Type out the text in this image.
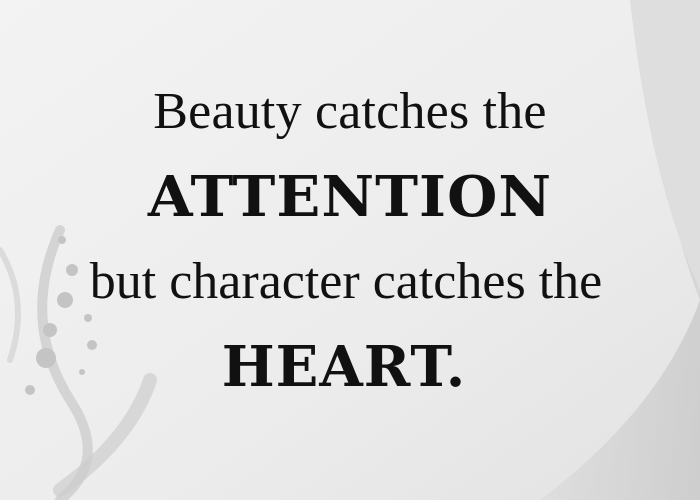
Beauty catches the
ATTENTION
but character catches the
HEART.
